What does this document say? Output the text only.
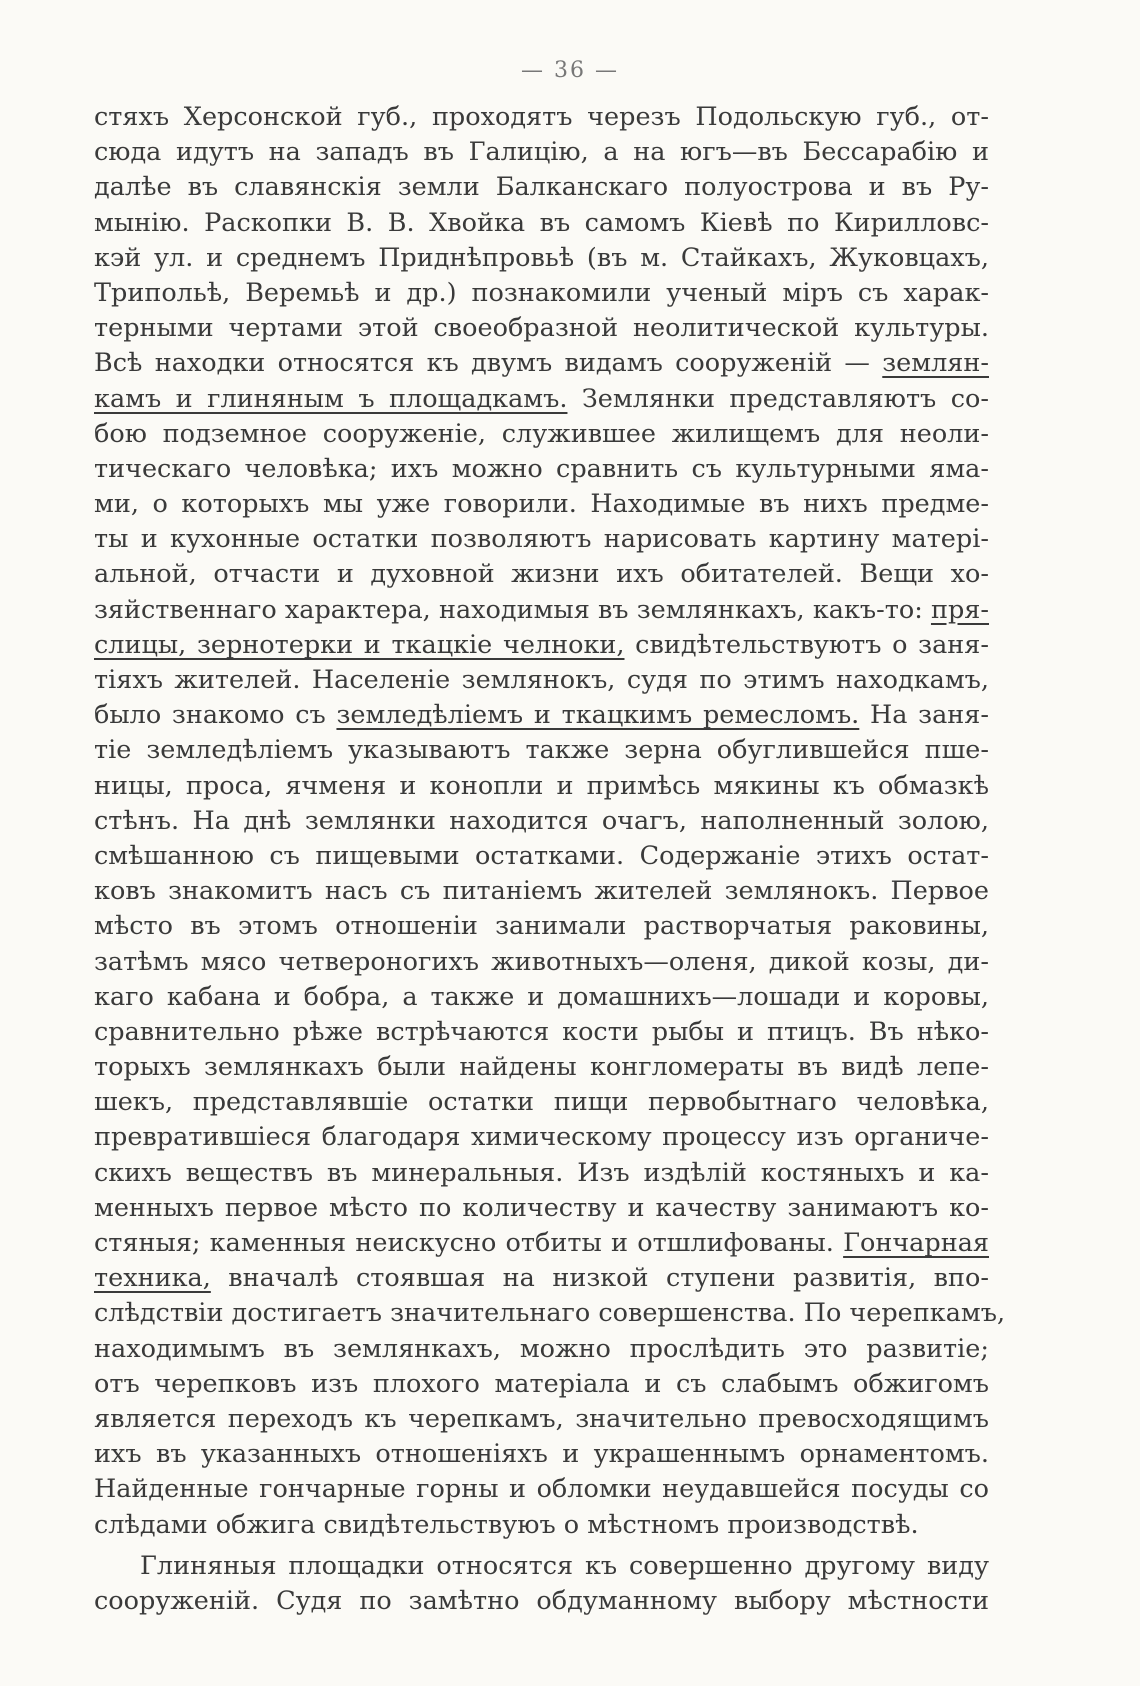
— 36 —
стяхъ Херсонской губ., проходятъ черезъ Подольскую губ., от-
сюда идутъ на западъ въ Галицію, а на югъ—въ Бессарабію и
далѣе въ славянскія земли Балканскаго полуострова и въ Ру-
мынію. Раскопки В. В. Хвойка въ самомъ Кіевѣ по Кирилловс-
кэй ул. и среднемъ Приднѣпровьѣ (въ м. Стайкахъ, Жуковцахъ,
Трипольѣ, Веремьѣ и др.) познакомили ученый міръ съ харак-
терными чертами этой своеобразной неолитической культуры.
Всѣ находки относятся къ двумъ видамъ сооруженій — землян-
камъ и глиняным ъ площадкамъ. Землянки представляютъ со-
бою подземное сооруженіе, служившее жилищемъ для неоли-
тическаго человѣка; ихъ можно сравнить съ культурными ямa-
ми, о которыхъ мы уже говорили. Находимые въ нихъ предме-
ты и кухонные остатки позволяютъ нарисовать картину матері-
альной, отчасти и духовной жизни ихъ обитателей. Вещи хо-
зяйственнаго характера, находимыя въ землянкахъ, какъ-то: пря-
слицы, зернотерки и ткацкіе челноки, свидѣтельствуютъ о заня-
тіяхъ жителей. Населеніе землянокъ, судя по этимъ находкамъ,
было знакомо съ земледѣліемъ и ткацкимъ ремесломъ. На заня-
тіе земледѣліемъ указываютъ также зерна обуглившейся пше-
ницы, проса, ячменя и конопли и примѣсь мякины къ обмазкѣ
стѣнъ. На днѣ землянки находится очагъ, наполненный золою,
смѣшанною съ пищевыми остатками. Содержаніе этихъ остат-
ковъ знакомитъ насъ съ питаніемъ жителей землянокъ. Первое
мѣсто въ этомъ отношеніи занимали растворчатыя раковины,
затѣмъ мясо четвероногихъ животныхъ—оленя, дикой козы, ди-
каго кабана и бобра, а также и домашнихъ—лошади и коровы,
сравнительно рѣже встрѣчаются кости рыбы и птицъ. Въ нѣко-
торыхъ землянкахъ были найдены конгломераты въ видѣ лепе-
шекъ, представлявшіе остатки пищи первобытнаго человѣка,
превратившіеся благодаря химическому процессу изъ органиче-
скихъ веществъ въ минеральныя. Изъ издѣлій костяныхъ и ка-
менныхъ первое мѣсто по количеству и качеству занимаютъ ко-
стяныя; каменныя неискусно отбиты и отшлифованы. Гончарная
техника, вначалѣ стоявшая на низкой ступени развитія, впо-
слѣдствіи достигаетъ значительнаго совершенства. По черепкамъ,
находимымъ въ землянкахъ, можно прослѣдить это развитіе;
отъ черепковъ изъ плохого матеріала и съ слабымъ обжигомъ
является переходъ къ черепкамъ, значительно превосходящимъ
ихъ въ указанныхъ отношеніяхъ и украшеннымъ орнаментомъ.
Найденные гончарные горны и обломки неудавшейся посуды со
слѣдами обжига свидѣтельствуюъ о мѣстномъ производствѣ.
Глиняныя площадки относятся къ совершенно другому виду
сооруженій. Судя по замѣтно обдуманному выбору мѣстности
